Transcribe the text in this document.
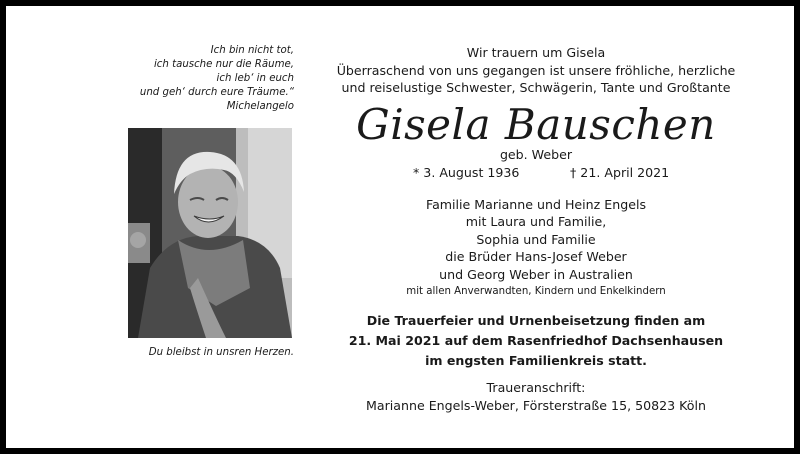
Ich bin nicht tot,
ich tausche nur die Räume,
ich leb‘ in euch
und geh‘ durch eure Träume.“
Michelangelo
Du bleibst in unsren Herzen.
Wir trauern um Gisela
Überraschend von uns gegangen ist unsere fröhliche, herzliche
und reiselustige Schwester, Schwägerin, Tante und Großtante
Gisela Bauschen
geb. Weber
* 3. August 1936	† 21. April 2021
Familie Marianne und Heinz Engels
mit Laura und Familie,
Sophia und Familie
die Brüder Hans-Josef Weber
und Georg Weber in Australien
mit allen Anverwandten, Kindern und Enkelkindern
Die Trauerfeier und Urnenbeisetzung finden am
21. Mai 2021 auf dem Rasenfriedhof Dachsenhausen
im engsten Familienkreis statt.
Traueranschrift:
Marianne Engels-Weber, Försterstraße 15, 50823 Köln
